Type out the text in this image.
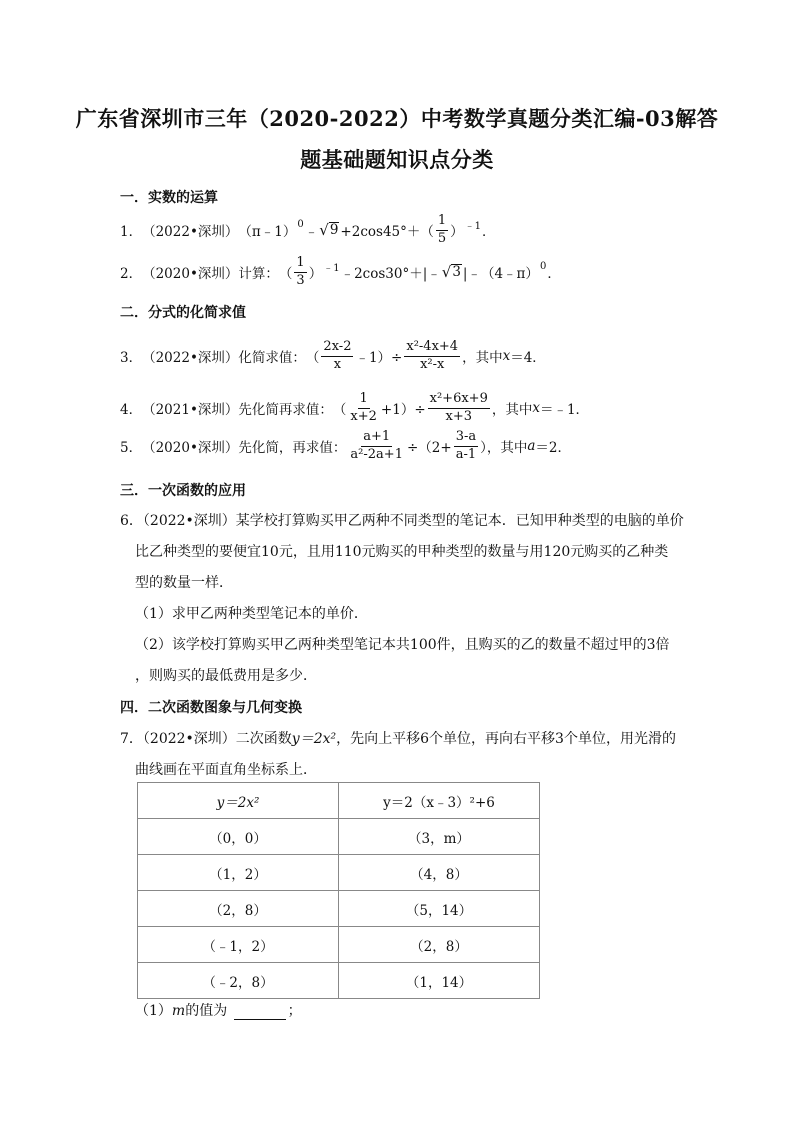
广东省深圳市三年（2020-2022）中考数学真题分类汇编-03解答
题基础题知识点分类
一．实数的运算
1． （2022•深圳） （π﹣1） 0 ﹣ √ $9 +2\cos 45^\circ+( \frac{1}{5}$ ） ﹣1 ．
2． （2020•深圳）计算： （ $\frac{1}{3}$ ） ﹣1 ﹣2cos30°＋|﹣ √ 3 |﹣（4﹣π） 0 ．
二．分式的化简求值
3． （2022•深圳）化简求值： （ $\frac{2x-2}{x}$ ﹣1）÷ $\frac{\text{x²-4x+4}}{\text{x²-x}}$ ，其中 x ＝4．
4． （2021•深圳）先化简再求值： （ $\frac{1}{x+2} +1)\div \frac{\text{x²+6x+9}}{x+3}$ ，其中 x ＝﹣1．
5． （2020•深圳）先化简，再求值： $\frac{a+1}{\text{a²-2a+1}} \div(2+ \frac{3-a}{a-1}$ ），其中 a ＝2．
三．一次函数的应用
6．（2022•深圳）某学校打算购买甲乙两种不同类型的笔记本．已知甲种类型的电脑的单价
比乙种类型的要便宜10元，且用110元购买的甲种类型的数量与用120元购买的乙种类
型的数量一样．
（1）求甲乙两种类型笔记本的单价．
（2）该学校打算购买甲乙两种类型笔记本共100件，且购买的乙的数量不超过甲的3倍
，则购买的最低费用是多少．
四．二次函数图象与几何变换
7．（2022•深圳）二次函数y＝2x²，先向上平移6个单位，再向右平移3个单位，用光滑的
曲线画在平面直角坐标系上．
y＝2x²	y＝2（x﹣3）²+6
（0，0）	（3，m）
（1，2）	（4，8）
（2，8）	（5，14）
（﹣1，2）	（2，8）
（﹣2，8）	（1，14）
（1）m的值为	；
